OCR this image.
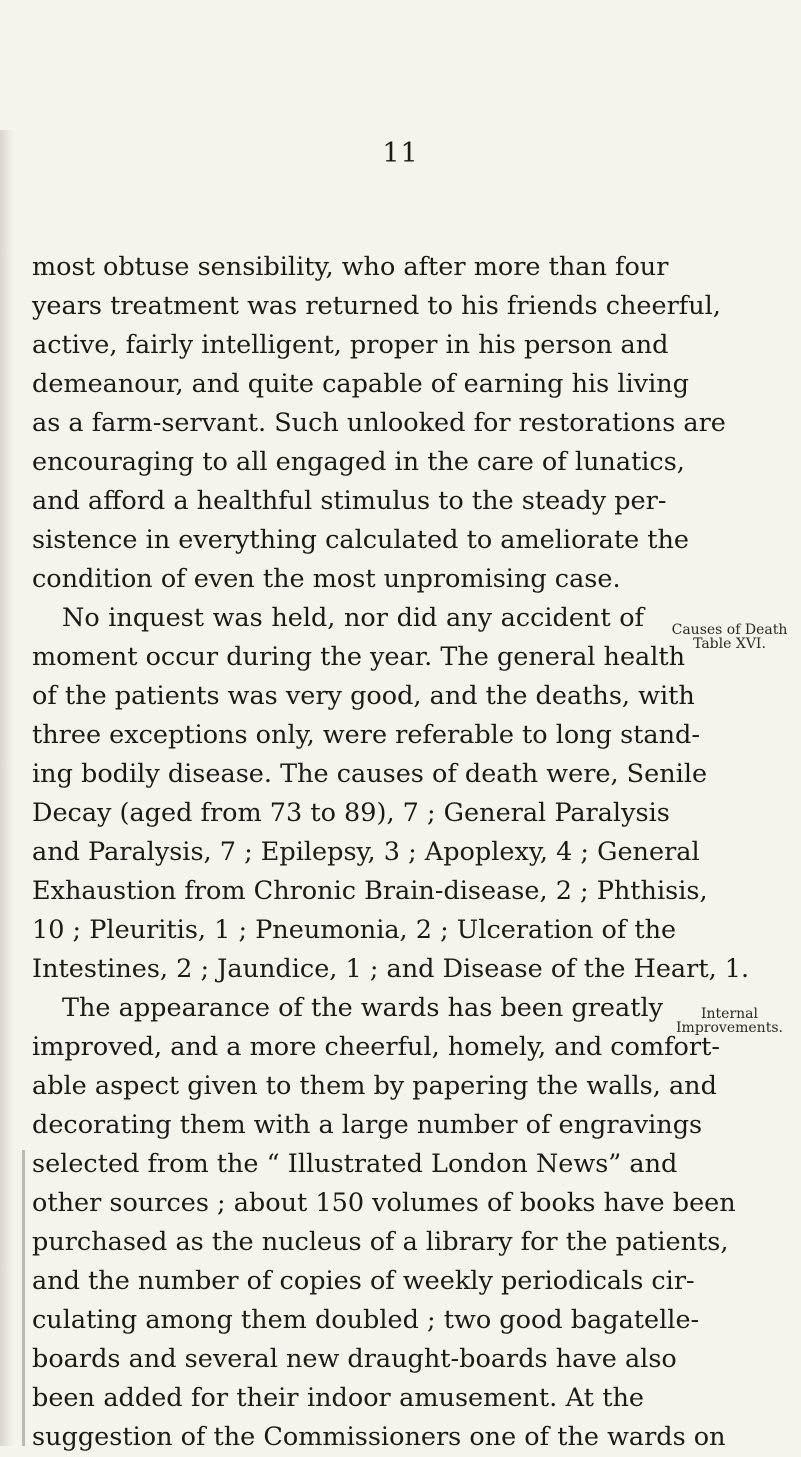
11
most obtuse sensibility, who after more than four
years treatment was returned to his friends cheerful,
active, fairly intelligent, proper in his person and
demeanour, and quite capable of earning his living
as a farm-servant. Such unlooked for restorations are
encouraging to all engaged in the care of lunatics,
and afford a healthful stimulus to the steady per-
sistence in everything calculated to ameliorate the
condition of even the most unpromising case.
No inquest was held, nor did any accident of
moment occur during the year. The general health
of the patients was very good, and the deaths, with
three exceptions only, were referable to long stand-
ing bodily disease. The causes of death were, Senile
Decay (aged from 73 to 89), 7 ; General Paralysis
and Paralysis, 7 ; Epilepsy, 3 ; Apoplexy, 4 ; General
Exhaustion from Chronic Brain-disease, 2 ; Phthisis,
10 ; Pleuritis, 1 ; Pneumonia, 2 ; Ulceration of the
Intestines, 2 ; Jaundice, 1 ; and Disease of the Heart, 1.
The appearance of the wards has been greatly
improved, and a more cheerful, homely, and comfort-
able aspect given to them by papering the walls, and
decorating them with a large number of engravings
selected from the “ Illustrated London News” and
other sources ; about 150 volumes of books have been
purchased as the nucleus of a library for the patients,
and the number of copies of weekly periodicals cir-
culating among them doubled ; two good bagatelle-
boards and several new draught-boards have also
been added for their indoor amusement. At the
suggestion of the Commissioners one of the wards on
Causes of Death
Table XVI.
Internal
Improvements.
